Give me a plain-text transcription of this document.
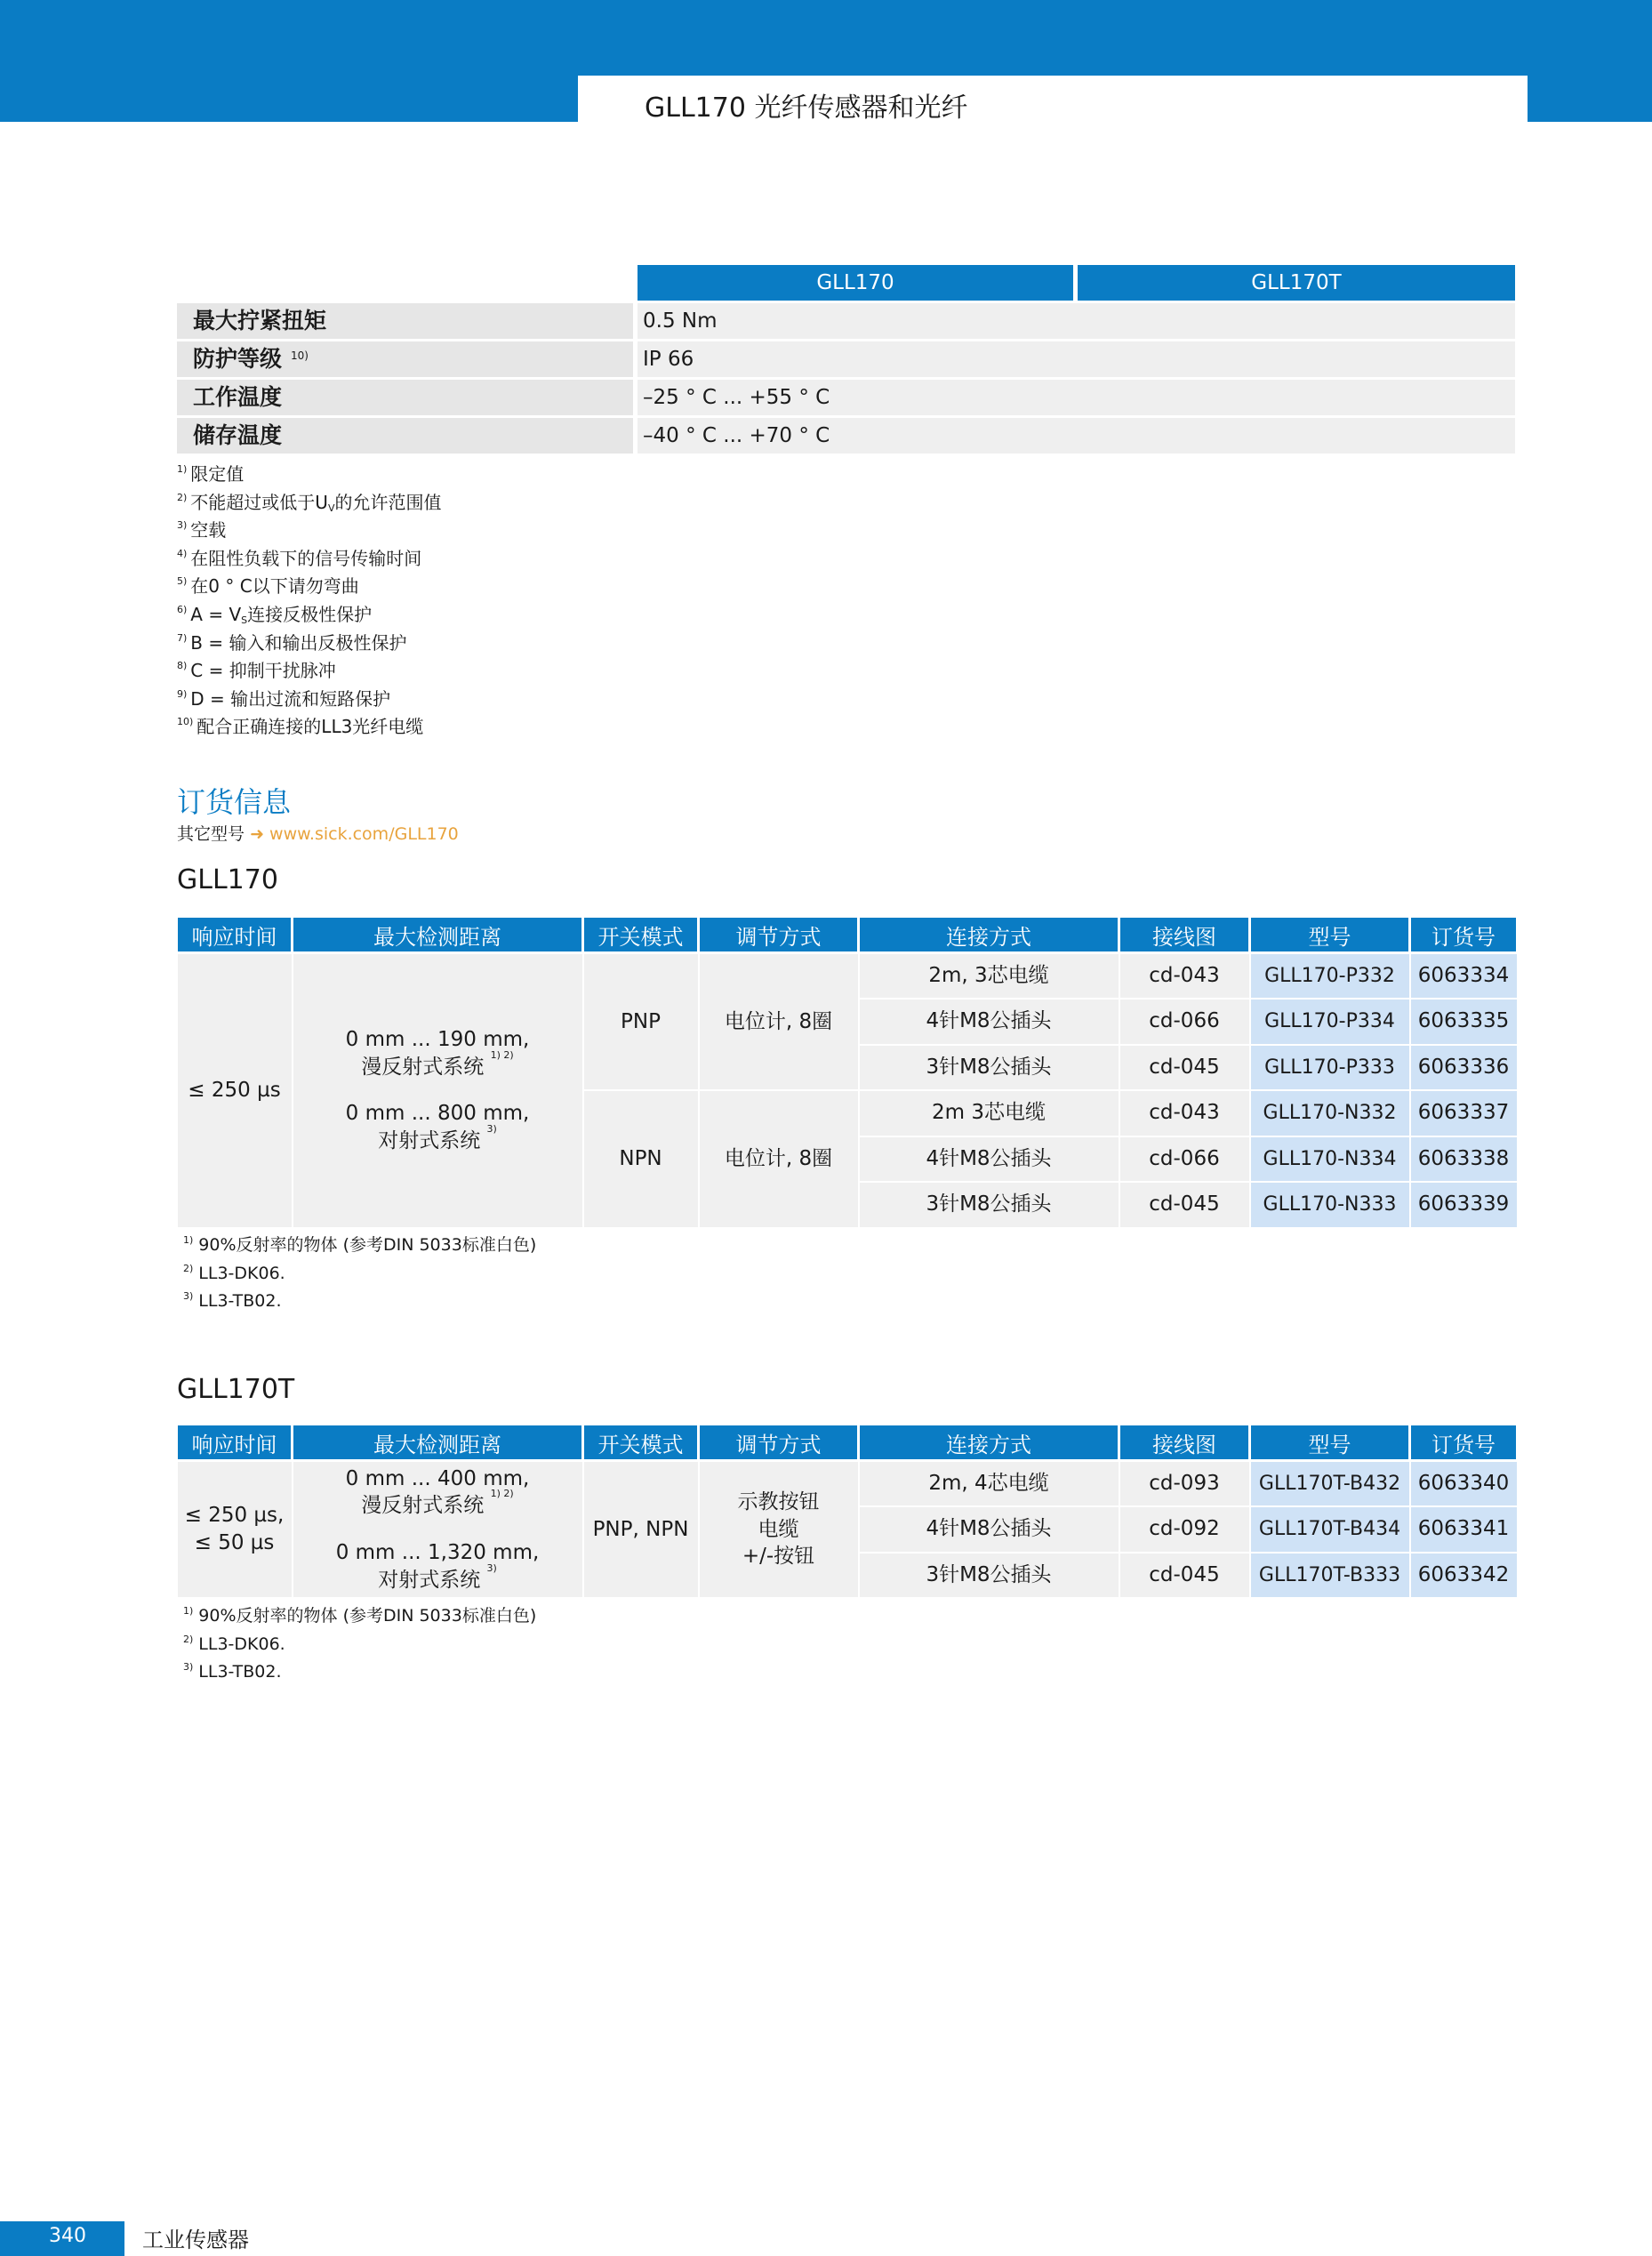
GLL170 光纤传感器和光纤
GLL170	GLL170T
最大拧紧扭矩	0.5 Nm
防护等级 $^{10)}$	IP 66
工作温度	–25 ° C ... +55 ° C
储存温度	–40 ° C ... +70 ° C
$^{1)}$ 限定值
$^{2)}$ 不能超过或低于$U_V$的允许范围值
$^{3)}$ 空载
$^{4)}$ 在阻性负载下的信号传输时间
$^{5)}$ 在0 ° C以下请勿弯曲
$^{6)}$ $A = V_S$连接反极性保护
$^{7)}$ B = 输入和输出反极性保护
$^{8)}$ C = 抑制干扰脉冲
$^{9)}$ D = 输出过流和短路保护
$^{10)}$ 配合正确连接的LL3光纤电缆
订货信息
其它型号 ➜ www.sick.com/GLL170
GLL170
响应时间	最大检测距离	开关模式	调节方式	连接方式	接线图	型号	订货号
≤ 250 µs	0 mm ... 190 mm,
漫反射式系统 $^{1) 2)}$
0 mm ... 800 mm,
对射式系统 $^{3)}$	PNP	电位计, 8圈	2m, 3芯电缆	cd-043	GLL170-P332	6063334
				4针M8公插头	cd-066	GLL170-P334	6063335
				3针M8公插头	cd-045	GLL170-P333	6063336
		NPN	电位计, 8圈	2m 3芯电缆	cd-043	GLL170-N332	6063337
				4针M8公插头	cd-066	GLL170-N334	6063338
				3针M8公插头	cd-045	GLL170-N333	6063339
$^{1)}$ 90%反射率的物体 (参考DIN 5033标准白色)
$^{2)}$ LL3-DK06.
$^{3)}$ LL3-TB02.
GLL170T
响应时间	最大检测距离	开关模式	调节方式	连接方式	接线图	型号	订货号

≤ 250 µs,
≤ 50 µs	0 mm ... 400 mm,
漫反射式系统 $^{1) 2)}$
0 mm ... 1,320 mm,
对射式系统 $^{3)}$	PNP, NPN	示教按钮
电缆
+/-按钮	2m, 4芯电缆	cd-093	GLL170T-B432	6063340
				4针M8公插头	cd-092	GLL170T-B434	6063341
				3针M8公插头	cd-045	GLL170T-B333	6063342
$^{1)}$ 90%反射率的物体 (参考DIN 5033标准白色)
$^{2)}$ LL3-DK06.
$^{3)}$ LL3-TB02.
340	工业传感器
